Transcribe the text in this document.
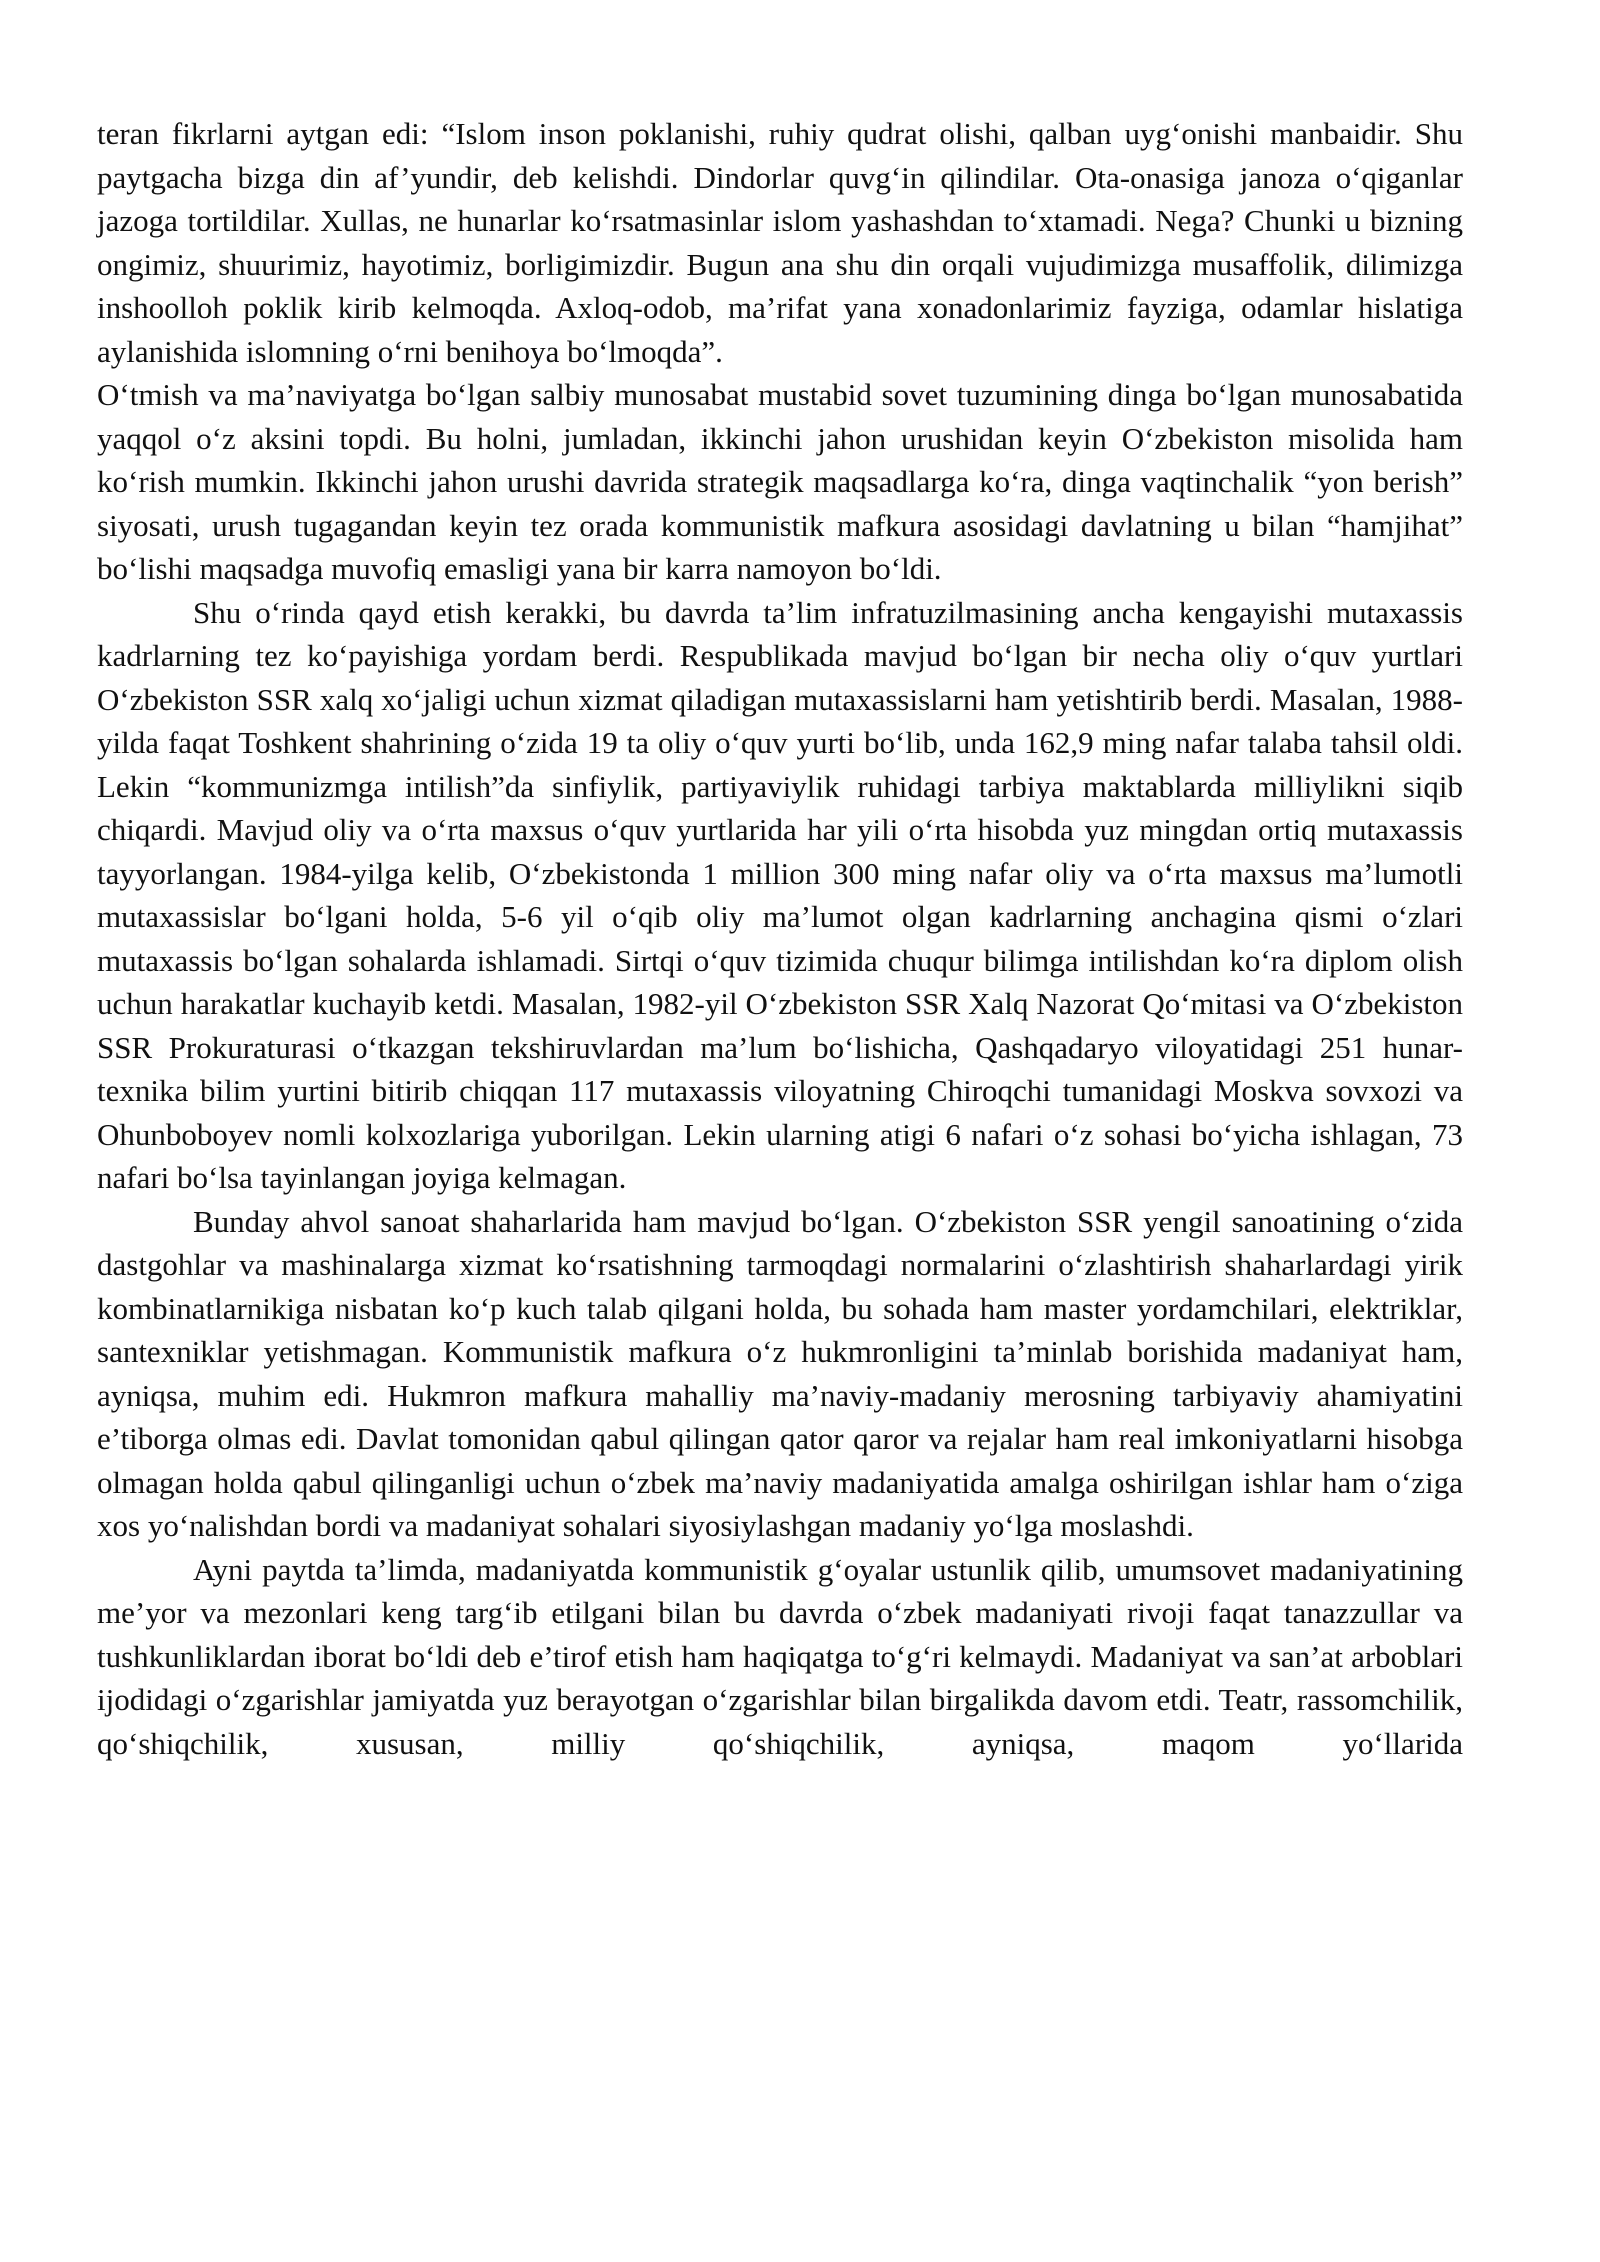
teran fikrlarni aytgan edi: “Islom inson poklanishi, ruhiy qudrat olishi, qalban uyg‘onishi manbaidir. Shu paytgacha bizga din af’yundir, deb kelishdi. Dindorlar quvg‘in qilindilar. Ota-onasiga janoza o‘qiganlar jazoga tortildilar. Xullas, ne hunarlar ko‘rsatmasinlar islom yashashdan to‘xtamadi. Nega? Chunki u bizning ongimiz, shuurimiz, hayotimiz, borligimizdir. Bugun ana shu din orqali vujudimizga musaffolik, dilimizga inshoolloh poklik kirib kelmoqda. Axloq-odob, ma’rifat yana xonadonlarimiz fayziga, odamlar hislatiga aylanishida islomning o‘rni benihoya bo‘lmoqda”.

O‘tmish va ma’naviyatga bo‘lgan salbiy munosabat mustabid sovet tuzumining dinga bo‘lgan munosabatida yaqqol o‘z aksini topdi. Bu holni, jumladan, ikkinchi jahon urushidan keyin O‘zbekiston misolida ham ko‘rish mumkin. Ikkinchi jahon urushi davrida strategik maqsadlarga ko‘ra, dinga vaqtinchalik “yon berish” siyosati, urush tugagandan keyin tez orada kommunistik mafkura asosidagi davlatning u bilan “hamjihat” bo‘lishi maqsadga muvofiq emasligi yana bir karra namoyon bo‘ldi.

Shu o‘rinda qayd etish kerakki, bu davrda ta’lim infratuzilmasining ancha kengayishi mutaxassis kadrlarning tez ko‘payishiga yordam berdi. Respublikada mavjud bo‘lgan bir necha oliy o‘quv yurtlari O‘zbekiston SSR xalq xo‘jaligi uchun xizmat qiladigan mutaxassislarni ham yetishtirib berdi. Masalan, 1988-yilda faqat Toshkent shahrining o‘zida 19 ta oliy o‘quv yurti bo‘lib, unda 162,9 ming nafar talaba tahsil oldi. Lekin “kommunizmga intilish”da sinfiylik, partiyaviylik ruhidagi tarbiya maktablarda milliylikni siqib chiqardi. Mavjud oliy va o‘rta maxsus o‘quv yurtlarida har yili o‘rta hisobda yuz mingdan ortiq mutaxassis tayyorlangan. 1984-yilga kelib, O‘zbekistonda 1 million 300 ming nafar oliy va o‘rta maxsus ma’lumotli mutaxassislar bo‘lgani holda, 5-6 yil o‘qib oliy ma’lumot olgan kadrlarning anchagina qismi o‘zlari mutaxassis bo‘lgan sohalarda ishlamadi. Sirtqi o‘quv tizimida chuqur bilimga intilishdan ko‘ra diplom olish uchun harakatlar kuchayib ketdi. Masalan, 1982-yil O‘zbekiston SSR Xalq Nazorat Qo‘mitasi va O‘zbekiston SSR Prokuraturasi o‘tkazgan tekshiruvlardan ma’lum bo‘lishicha, Qashqadaryo viloyatidagi 251 hunar-texnika bilim yurtini bitirib chiqqan 117 mutaxassis viloyatning Chiroqchi tumanidagi Moskva sovxozi va Ohunboboyev nomli kolxozlariga yuborilgan. Lekin ularning atigi 6 nafari o‘z sohasi bo‘yicha ishlagan, 73 nafari bo‘lsa tayinlangan joyiga kelmagan.

Bunday ahvol sanoat shaharlarida ham mavjud bo‘lgan. O‘zbekiston SSR yengil sanoatining o‘zida dastgohlar va mashinalarga xizmat ko‘rsatishning tarmoqdagi normalarini o‘zlashtirish shaharlardagi yirik kombinatlarnikiga nisbatan ko‘p kuch talab qilgani holda, bu sohada ham master yordamchilari, elektriklar, santexniklar yetishmagan. Kommunistik mafkura o‘z hukmronligini ta’minlab borishida madaniyat ham, ayniqsa, muhim edi. Hukmron mafkura mahalliy ma’naviy-madaniy merosning tarbiyaviy ahamiyatini e’tiborga olmas edi. Davlat tomonidan qabul qilingan qator qaror va rejalar ham real imkoniyatlarni hisobga olmagan holda qabul qilinganligi uchun o‘zbek ma’naviy madaniyatida amalga oshirilgan ishlar ham o‘ziga xos yo‘nalishdan bordi va madaniyat sohalari siyosiylashgan madaniy yo‘lga moslashdi.

Ayni paytda ta’limda, madaniyatda kommunistik g‘oyalar ustunlik qilib, umumsovet madaniyatining me’yor va mezonlari keng targ‘ib etilgani bilan bu davrda o‘zbek madaniyati rivoji faqat tanazzullar va tushkunliklardan iborat bo‘ldi deb e’tirof etish ham haqiqatga to‘g‘ri kelmaydi. Madaniyat va san’at arboblari ijodidagi o‘zgarishlar jamiyatda yuz berayotgan o‘zgarishlar bilan birgalikda davom etdi. Teatr, rassomchilik, qo‘shiqchilik, xususan, milliy qo‘shiqchilik, ayniqsa, maqom yo‘llarida
